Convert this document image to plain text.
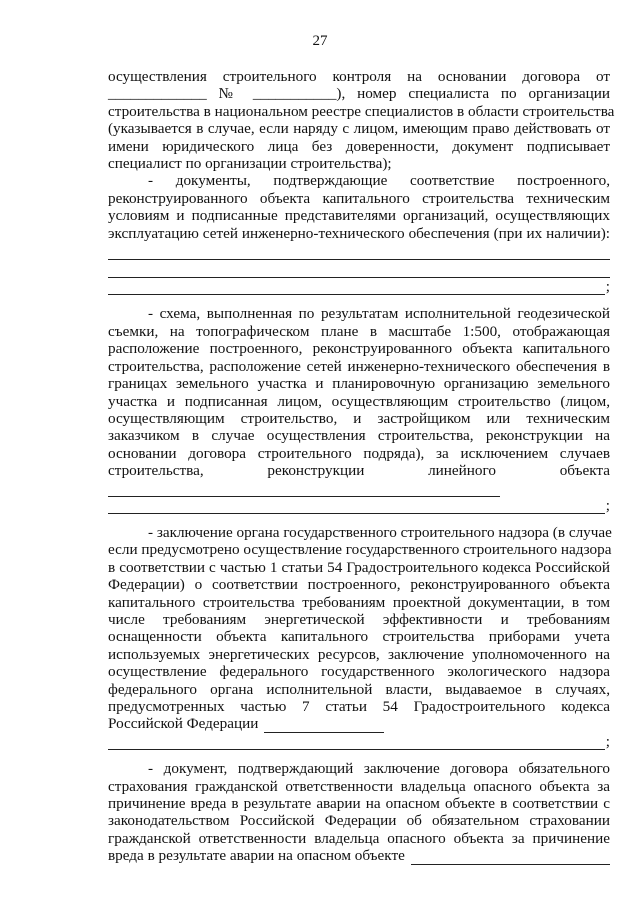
27
осуществления строительного контроля на основании договора от
_____________ № ___________), номер специалиста по организации
строительства в национальном реестре специалистов в области строительства
(указывается в случае, если наряду с лицом, имеющим право действовать от
имени юридического лица без доверенности, документ подписывает
специалист по организации строительства);
- документы, подтверждающие соответствие построенного,
реконструированного объекта капитального строительства техническим
условиям и подписанные представителями организаций, осуществляющих
эксплуатацию сетей инженерно-технического обеспечения (при их наличии):
;
- схема, выполненная по результатам исполнительной геодезической
съемки, на топографическом плане в масштабе 1:500, отображающая
расположение построенного, реконструированного объекта капитального
строительства, расположение сетей инженерно-технического обеспечения в
границах земельного участка и планировочную организацию земельного
участка и подписанная лицом, осуществляющим строительство (лицом,
осуществляющим строительство, и застройщиком или техническим
заказчиком в случае осуществления строительства, реконструкции на
основании договора строительного подряда), за исключением случаев
строительства, реконструкции линейного объекта
;
- заключение органа государственного строительного надзора (в случае
если предусмотрено осуществление государственного строительного надзора
в соответствии с частью 1 статьи 54 Градостроительного кодекса Российской
Федерации) о соответствии построенного, реконструированного объекта
капитального строительства требованиям проектной документации, в том
числе требованиям энергетической эффективности и требованиям
оснащенности объекта капитального строительства приборами учета
используемых энергетических ресурсов, заключение уполномоченного на
осуществление федерального государственного экологического надзора
федерального органа исполнительной власти, выдаваемое в случаях,
предусмотренных частью 7 статьи 54 Градостроительного кодекса
Российской Федерации
;
- документ, подтверждающий заключение договора обязательного
страхования гражданской ответственности владельца опасного объекта за
причинение вреда в результате аварии на опасном объекте в соответствии с
законодательством Российской Федерации об обязательном страховании
гражданской ответственности владельца опасного объекта за причинение
вреда в результате аварии на опасном объекте
